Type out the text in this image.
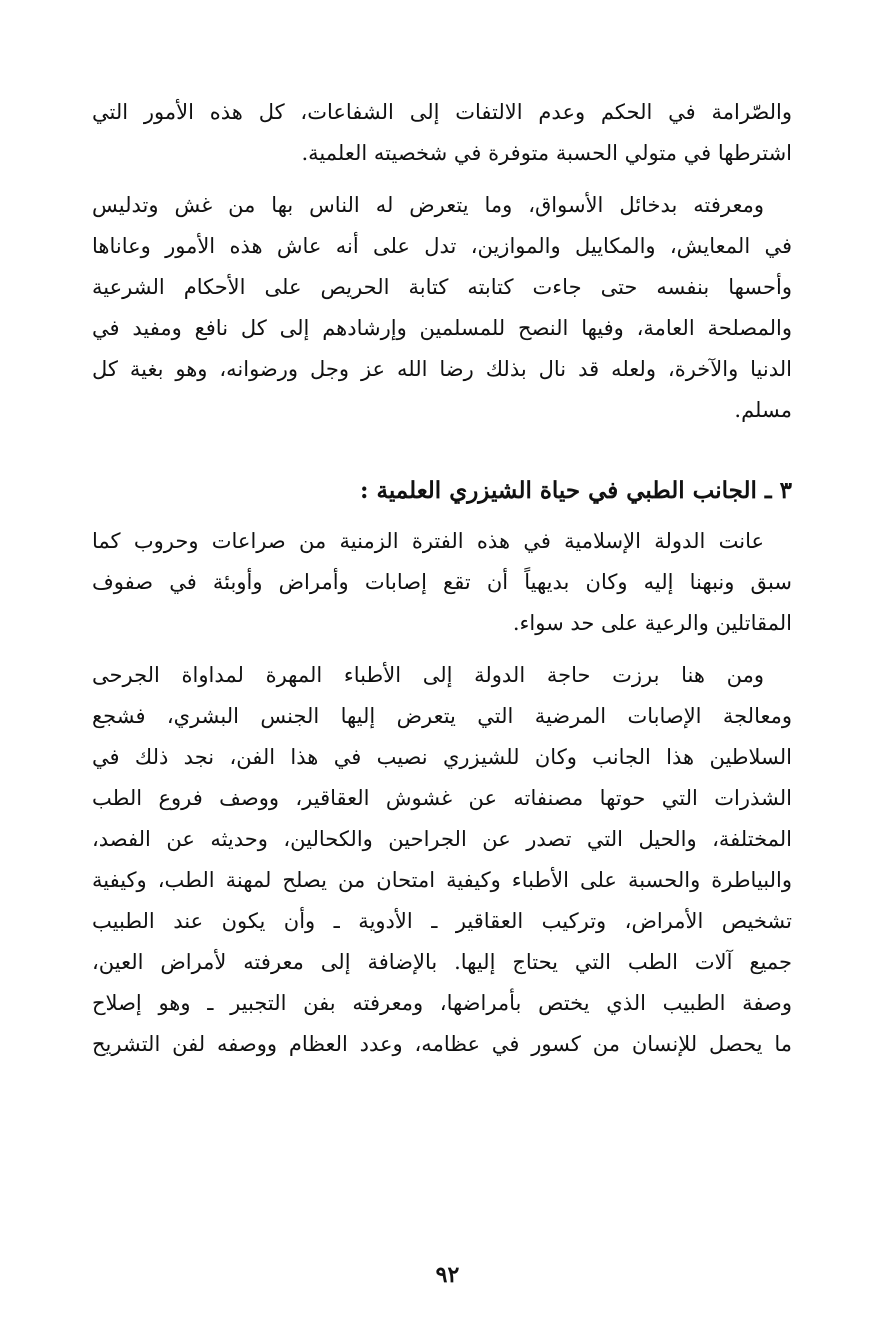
والصّرامة في الحكم وعدم الالتفات إلى الشفاعات، كل هذه الأمور التي
اشترطها في متولي الحسبة متوفرة في شخصيته العلمية.

ومعرفته بدخائل الأسواق، وما يتعرض له الناس بها من غش وتدليس
في المعايش، والمكاييل والموازين، تدل على أنه عاش هذه الأمور وعاناها
وأحسها بنفسه حتى جاءت كتابته كتابة الحريص على الأحكام الشرعية
والمصلحة العامة، وفيها النصح للمسلمين وإرشادهم إلى كل نافع ومفيد في
الدنيا والآخرة، ولعله قد نال بذلك رضا الله عز وجل ورضوانه، وهو بغية كل
مسلم.

٣ ـ الجانب الطبي في حياة الشيزري العلمية :

عانت الدولة الإسلامية في هذه الفترة الزمنية من صراعات وحروب كما
سبق ونبهنا إليه وكان بديهياً أن تقع إصابات وأمراض وأوبئة في صفوف
المقاتلين والرعية على حد سواء.

ومن هنا برزت حاجة الدولة إلى الأطباء المهرة لمداواة الجرحى
ومعالجة الإصابات المرضية التي يتعرض إليها الجنس البشري، فشجع
السلاطين هذا الجانب وكان للشيزري نصيب في هذا الفن، نجد ذلك في
الشذرات التي حوتها مصنفاته عن غشوش العقاقير، ووصف فروع الطب
المختلفة، والحيل التي تصدر عن الجراحين والكحالين، وحديثه عن الفصد،
والبياطرة والحسبة على الأطباء وكيفية امتحان من يصلح لمهنة الطب، وكيفية
تشخيص الأمراض، وتركيب العقاقير ـ الأدوية ـ وأن يكون عند الطبيب
جميع آلات الطب التي يحتاج إليها. بالإضافة إلى معرفته لأمراض العين،
وصفة الطبيب الذي يختص بأمراضها، ومعرفته بفن التجبير ـ وهو إصلاح
ما يحصل للإنسان من كسور في عظامه، وعدد العظام ووصفه لفن التشريح

٩٢
